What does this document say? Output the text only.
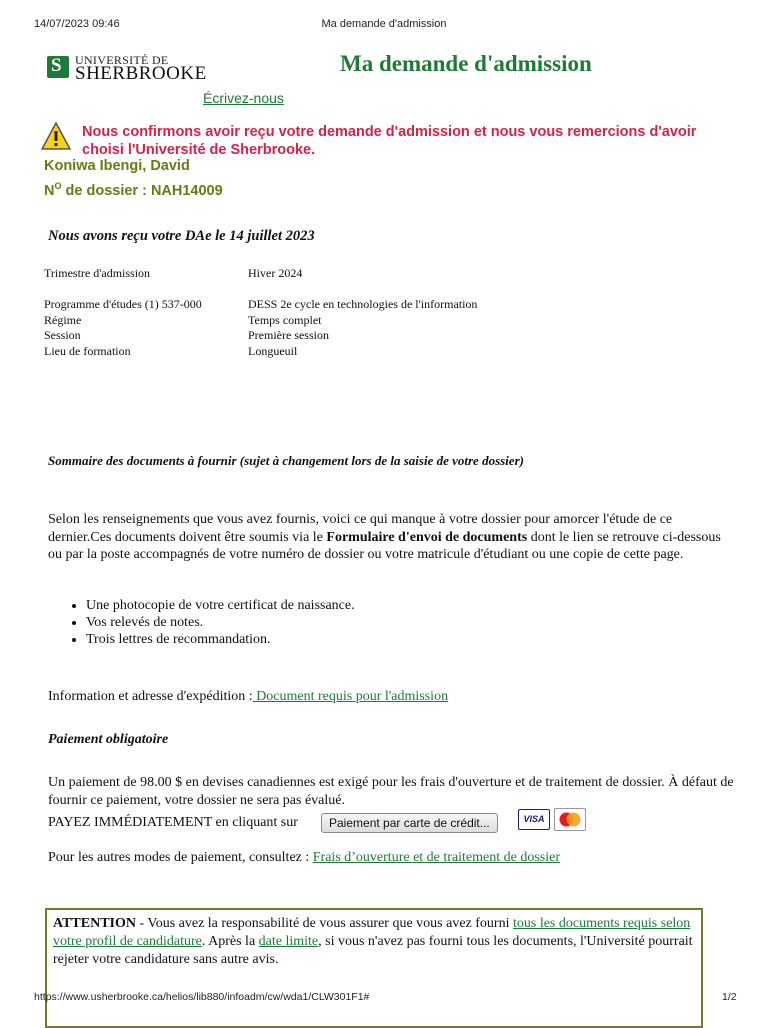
14/07/2023 09:46	Ma demande d'admission
S UNIVERSITÉ DE
SHERBROOKE	Ma demande d'admission
Écrivez-nous
Nous confirmons avoir reçu votre demande d'admission et nous vous remercions d'avoir choisi l'Université de Sherbrooke.
Koniwa Ibengi, David
$N^O$ de dossier : NAH14009
Nous avons reçu votre DAe le 14 juillet 2023
Trimestre d'admission	Hiver 2024
Programme d'études (1) 537-000	DESS 2e cycle en technologies de l'information
Régime	Temps complet
Session	Première session
Lieu de formation	Longueuil
Sommaire des documents à fournir (sujet à changement lors de la saisie de votre dossier)
Selon les renseignements que vous avez fournis, voici ce qui manque à votre dossier pour amorcer l'étude de ce dernier.Ces documents doivent être soumis via le Formulaire d'envoi de documents dont le lien se retrouve ci-dessous ou par la poste accompagnés de votre numéro de dossier ou votre matricule d'étudiant ou une copie de cette page.
• Une photocopie de votre certificat de naissance.
• Vos relevés de notes.
• Trois lettres de recommandation.
Information et adresse d'expédition : Document requis pour l'admission
Paiement obligatoire
Un paiement de 98.00 $ en devises canadiennes est exigé pour les frais d'ouverture et de traitement de dossier. À défaut de fournir ce paiement, votre dossier ne sera pas évalué.
PAYEZ IMMÉDIATEMENT en cliquant sur	Paiement par carte de crédit...	VISA
Pour les autres modes de paiement, consultez : Frais d’ouverture et de traitement de dossier
ATTENTION - Vous avez la responsabilité de vous assurer que vous avez fourni tous les documents requis selon votre profil de candidature. Après la date limite, si vous n'avez pas fourni tous les documents, l'Université pourrait rejeter votre candidature sans autre avis.
https://www.usherbrooke.ca/helios/lib880/infoadm/cw/wda1/CLW301F1#	1/2
